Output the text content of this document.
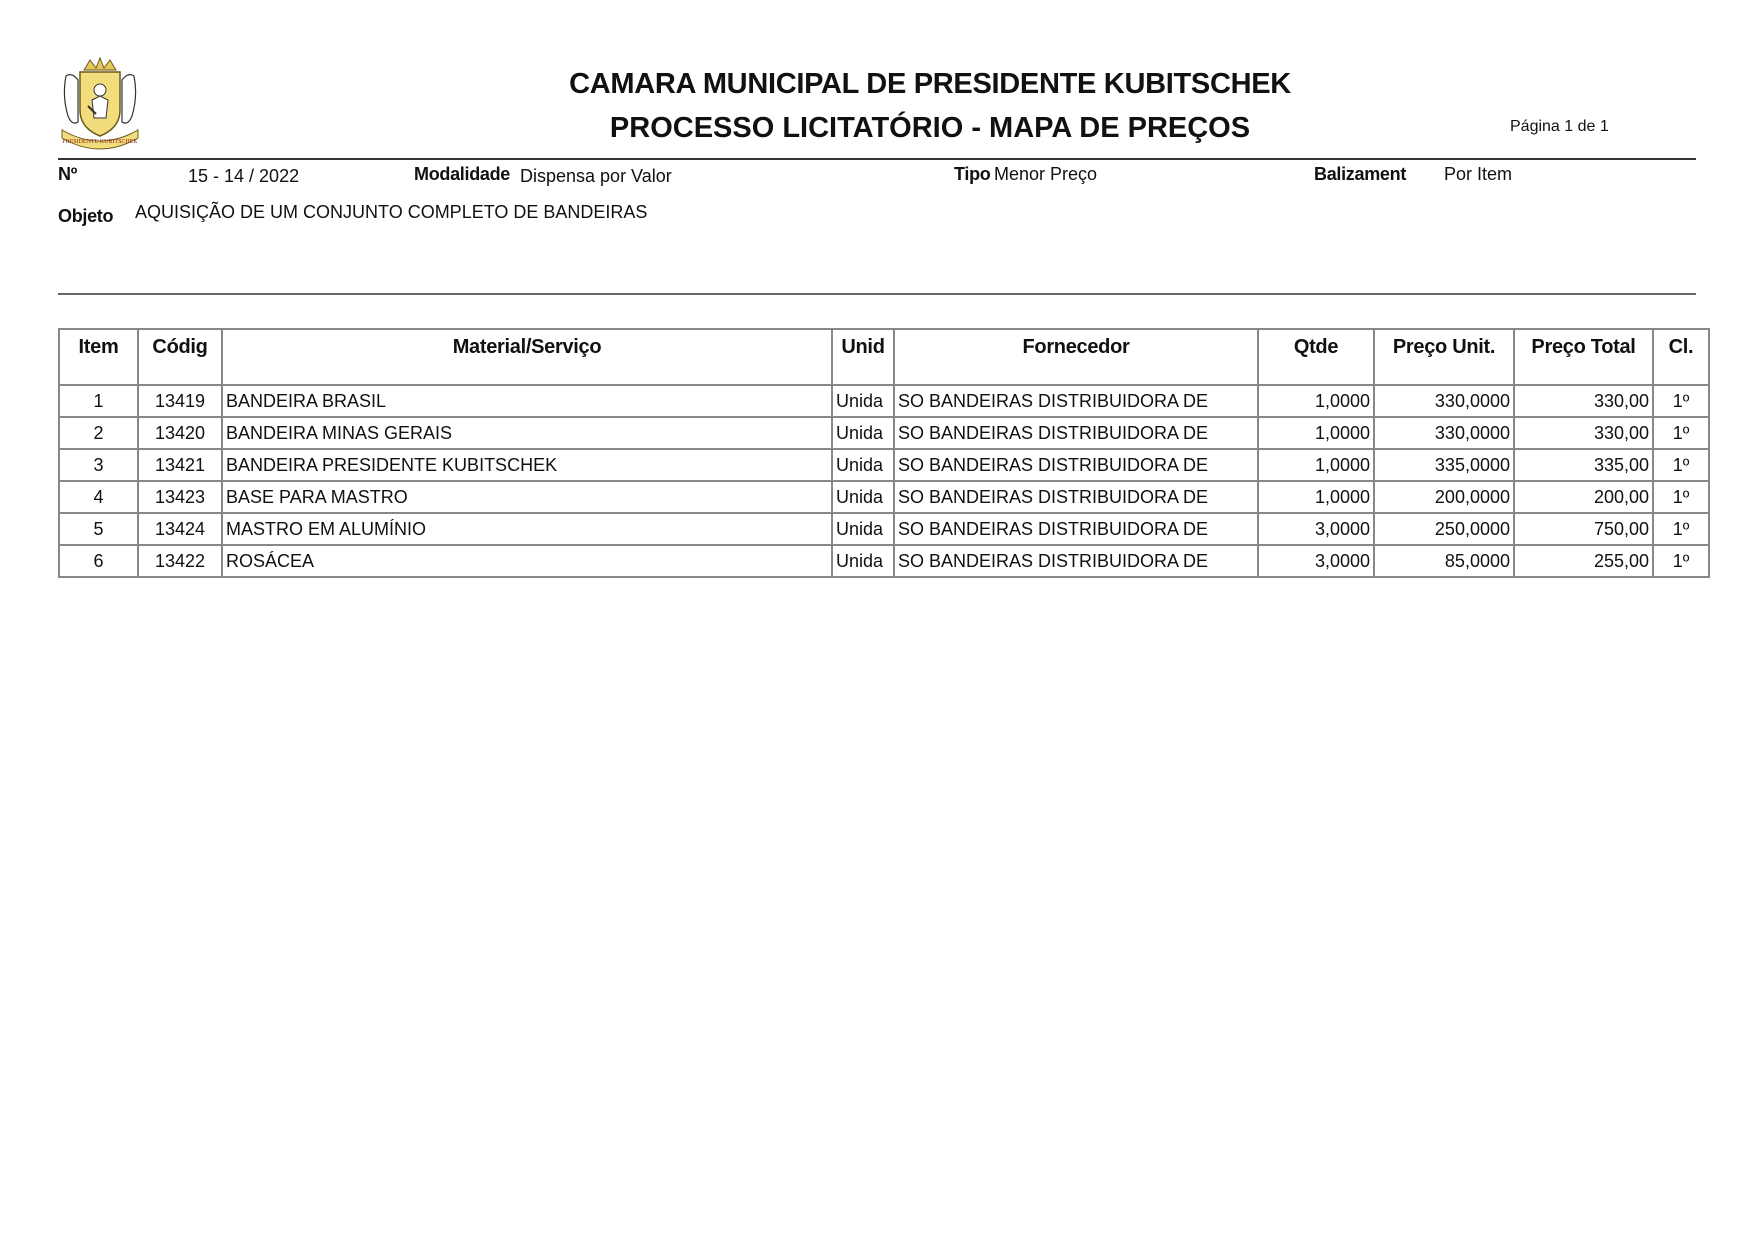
PRESIDENTE KUBITSCHEK
CAMARA MUNICIPAL DE PRESIDENTE KUBITSCHEK
PROCESSO LICITATÓRIO - MAPA DE PREÇOS	Página 1 de 1
Nº	15 - 14 / 2022	Modalidade Dispensa por Valor	Tipo Menor Preço	Balizament Por Item
Objeto AQUISIÇÃO DE UM CONJUNTO COMPLETO DE BANDEIRAS
Item	Códig	Material/Serviço	Unid	Fornecedor	Qtde	Preço Unit.	Preço Total	Cl.
1	13419	BANDEIRA BRASIL	Unida	SO BANDEIRAS DISTRIBUIDORA DE	1,0000	330,0000	330,00	1º
2	13420	BANDEIRA MINAS GERAIS	Unida	SO BANDEIRAS DISTRIBUIDORA DE	1,0000	330,0000	330,00	1º
3	13421	BANDEIRA PRESIDENTE KUBITSCHEK	Unida	SO BANDEIRAS DISTRIBUIDORA DE	1,0000	335,0000	335,00	1º
4	13423	BASE PARA MASTRO	Unida	SO BANDEIRAS DISTRIBUIDORA DE	1,0000	200,0000	200,00	1º
5	13424	MASTRO EM ALUMÍNIO	Unida	SO BANDEIRAS DISTRIBUIDORA DE	3,0000	250,0000	750,00	1º
6	13422	ROSÁCEA	Unida	SO BANDEIRAS DISTRIBUIDORA DE	3,0000	85,0000	255,00	1º
